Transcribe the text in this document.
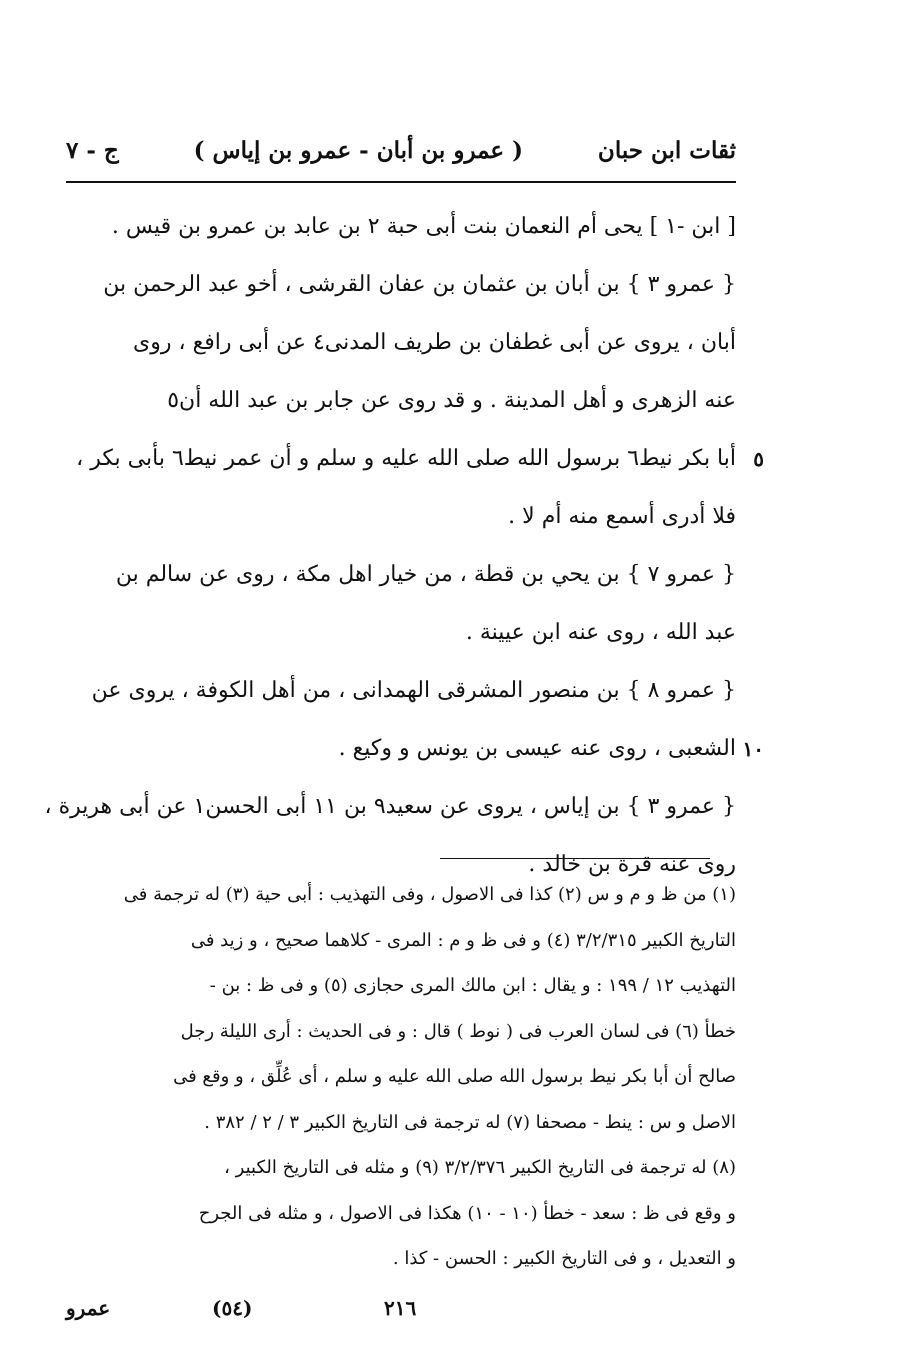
ثقات ابن حبان
( عمرو بن أبان - عمرو بن إياس )
ج - ٧
[ ابن -١ ] يحى أم النعمان بنت أبى حبة ٢ بن عابد بن عمرو بن قيس .
{ عمرو ٣ } بن أبان بن عثمان بن عفان القرشى ، أخو عبد الرحمن بن
أبان ، يروى عن أبى غطفان بن طريف المدنى٤ عن أبى رافع ، روى
عنه الزهرى و أهل المدينة . و قد روى عن جابر بن عبد الله أن٥
أبا بكر نيط٦ برسول الله صلى الله عليه و سلم و أن عمر نيط٦ بأبى بكر ، ٥
فلا أدرى أسمع منه أم لا .
{ عمرو ٧ } بن يحي بن قطة ، من خيار اهل مكة ، روى عن سالم بن
عبد الله ، روى عنه ابن عيينة .
{ عمرو ٨ } بن منصور المشرقى الهمدانى ، من أهل الكوفة ، يروى عن
الشعبى ، روى عنه عيسى بن يونس و وكيع . ١٠
{ عمرو ٣ } بن إياس ، يروى عن سعيد٩ بن ١١ أبى الحسن١ عن أبى هريرة ،
روى عنه قرة بن خالد .
(١) من ظ و م و س (٢) كذا فى الاصول ، وفى التهذيب : أبى حية (٣) له ترجمة فى
التاريخ الكبير ٣/٢/٣١٥ (٤) و فى ظ و م : المرى - كلاهما صحيح ، و زيد فى
التهذيب ١٢ / ١٩٩ : و يقال : ابن مالك المرى حجازى (٥) و فى ظ : بن -
خطأ (٦) فى لسان العرب فى ( نوط ) قال : و فى الحديث : أرى الليلة رجل
صالح أن أبا بكر نيط برسول الله صلى الله عليه و سلم ، أى عُلِّق ، و وقع فى
الاصل و س : ينط - مصحفا (٧) له ترجمة فى التاريخ الكبير ٣ / ٢ / ٣٨٢ .
(٨) له ترجمة فى التاريخ الكبير ٣/٢/٣٧٦ (٩) و مثله فى التاريخ الكبير ،
و وقع فى ظ : سعد - خطأ (١٠ - ١٠) هكذا فى الاصول ، و مثله فى الجرح
و التعديل ، و فى التاريخ الكبير : الحسن - كذا .
٢١٦
(٥٤)
عمرو
